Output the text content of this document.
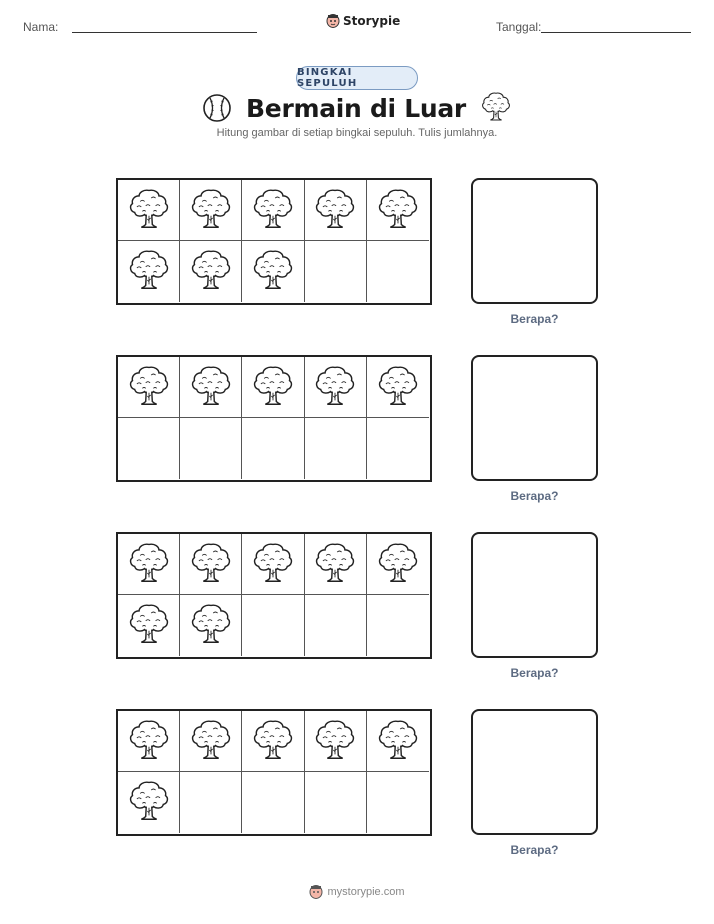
Nama:	Storypie	Tanggal:
BINGKAI SEPULUH
Bermain di Luar
Hitung gambar di setiap bingkai sepuluh. Tulis jumlahnya.
Berapa?
Berapa?
Berapa?
Berapa?
mystorypie.com
